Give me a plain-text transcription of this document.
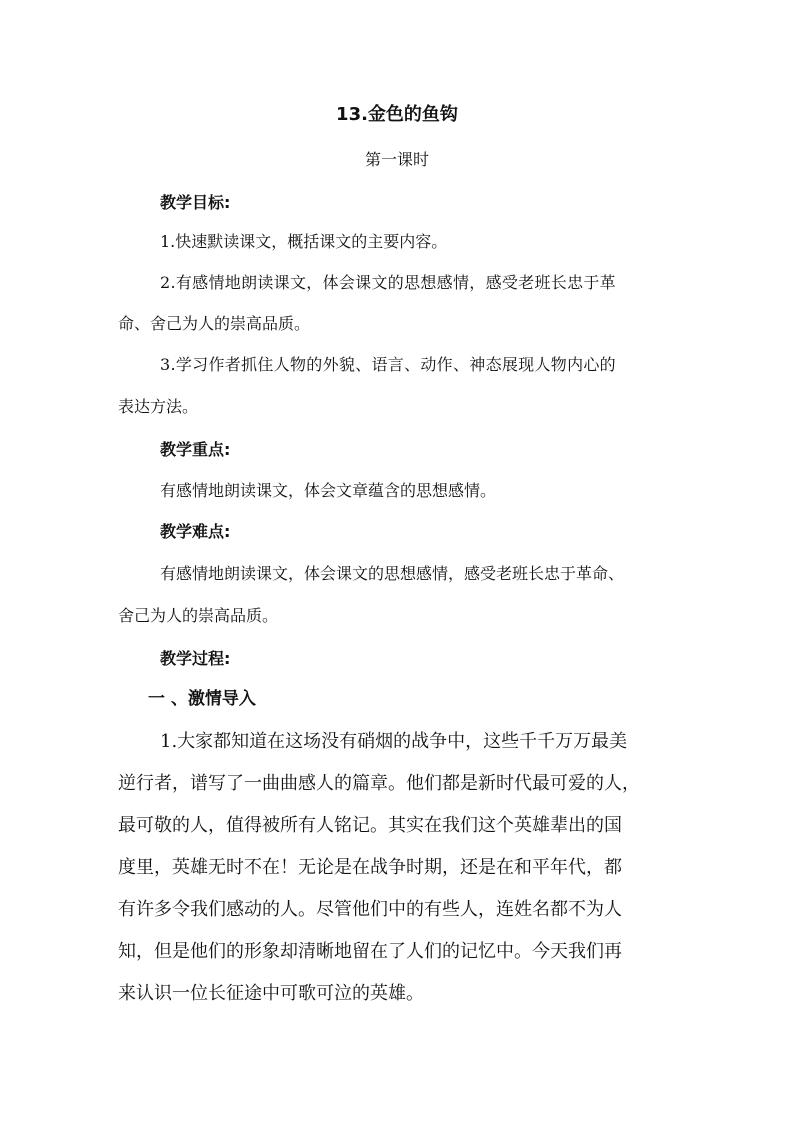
13.金色的鱼钩
第一课时
教学目标:
1.快速默读课文，概括课文的主要内容。
2.有感情地朗读课文，体会课文的思想感情，感受老班长忠于革
命、舍己为人的崇高品质。
3.学习作者抓住人物的外貌、语言、动作、神态展现人物内心的
表达方法。
教学重点:
有感情地朗读课文，体会文章蕴含的思想感情。
教学难点:
有感情地朗读课文，体会课文的思想感情，感受老班长忠于革命、
舍己为人的崇高品质。
教学过程:
一 、激情导入
1.大家都知道在这场没有硝烟的战争中，这些千千万万最美
逆行者，谱写了一曲曲感人的篇章。他们都是新时代最可爱的人，
最可敬的人，值得被所有人铭记。其实在我们这个英雄辈出的国
度里，英雄无时不在！无论是在战争时期，还是在和平年代，都
有许多令我们感动的人。尽管他们中的有些人，连姓名都不为人
知，但是他们的形象却清晰地留在了人们的记忆中。今天我们再
来认识一位长征途中可歌可泣的英雄。
